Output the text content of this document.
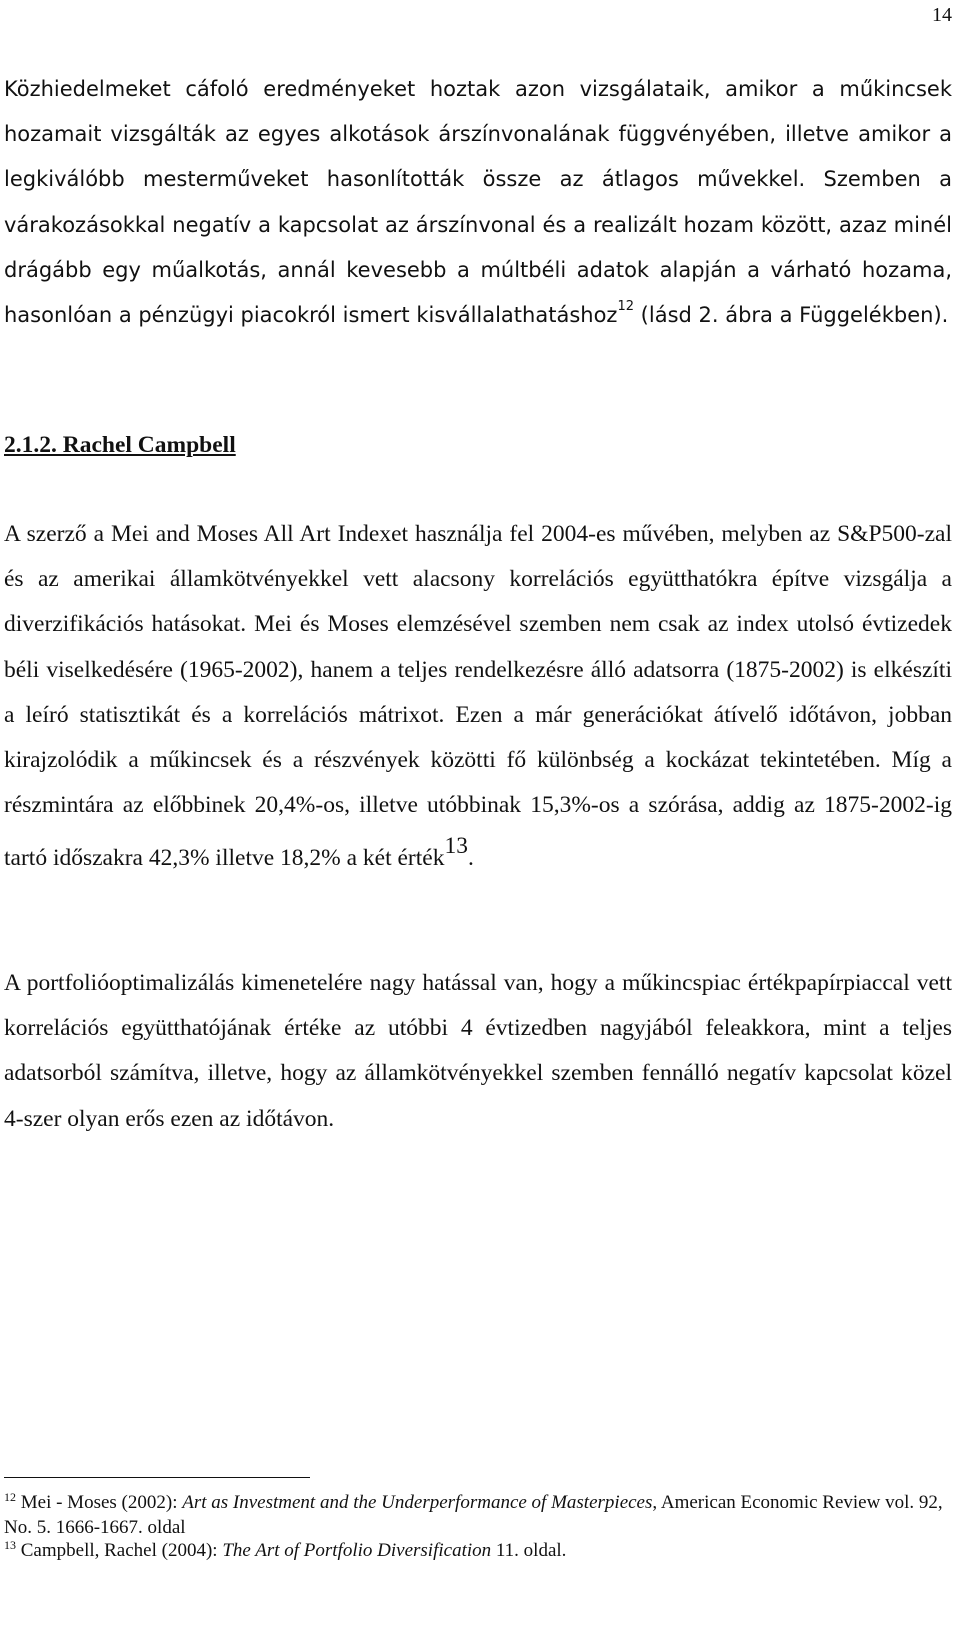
14

Közhiedelmeket cáfoló eredményeket hoztak azon vizsgálataik, amikor a műkincsek hozamait vizsgálták az egyes alkotások árszínvonalának függvényében, illetve amikor a legkiválóbb mesterműveket hasonlították össze az átlagos művekkel. Szemben a várakozásokkal negatív a kapcsolat az árszínvonal és a realizált hozam között, azaz minél drágább egy műalkotás, annál kevesebb a múltbéli adatok alapján a várható hozama, hasonlóan a pénzügyi piacokról ismert kisvállalathatáshoz$^{12}$ (lásd 2. ábra a Függelékben).

2.1.2. Rachel Campbell

A szerző a Mei and Moses All Art Indexet használja fel 2004-es művében, melyben az S&P500-zal és az amerikai államkötvényekkel vett alacsony korrelációs együtthatókra építve vizsgálja a diverzifikációs hatásokat. Mei és Moses elemzésével szemben nem csak az index utolsó évtizedek béli viselkedésére (1965-2002), hanem a teljes rendelkezésre álló adatsorra (1875-2002) is elkészíti a leíró statisztikát és a korrelációs mátrixot. Ezen a már generációkat átívelő időtávon, jobban kirajzolódik a műkincsek és a részvények közötti fő különbség a kockázat tekintetében. Míg a részmintára az előbbinek 20,4%-os, illetve utóbbinak 15,3%-os a szórása, addig az 1875-2002-ig tartó időszakra 42,3% illetve 18,2% a két érték$^{13}$.

A portfolióoptimalizálás kimenetelére nagy hatással van, hogy a műkincspiac értékpapírpiaccal vett korrelációs együtthatójának értéke az utóbbi 4 évtizedben nagyjából feleakkora, mint a teljes adatsorból számítva, illetve, hogy az államkötvényekkel szemben fennálló negatív kapcsolat közel 4-szer olyan erős ezen az időtávon.

$^{12}$ Mei - Moses (2002): Art as Investment and the Underperformance of Masterpieces, American Economic Review vol. 92, No. 5. 1666-1667. oldal

$^{13}$ Campbell, Rachel (2004): The Art of Portfolio Diversification 11. oldal.
